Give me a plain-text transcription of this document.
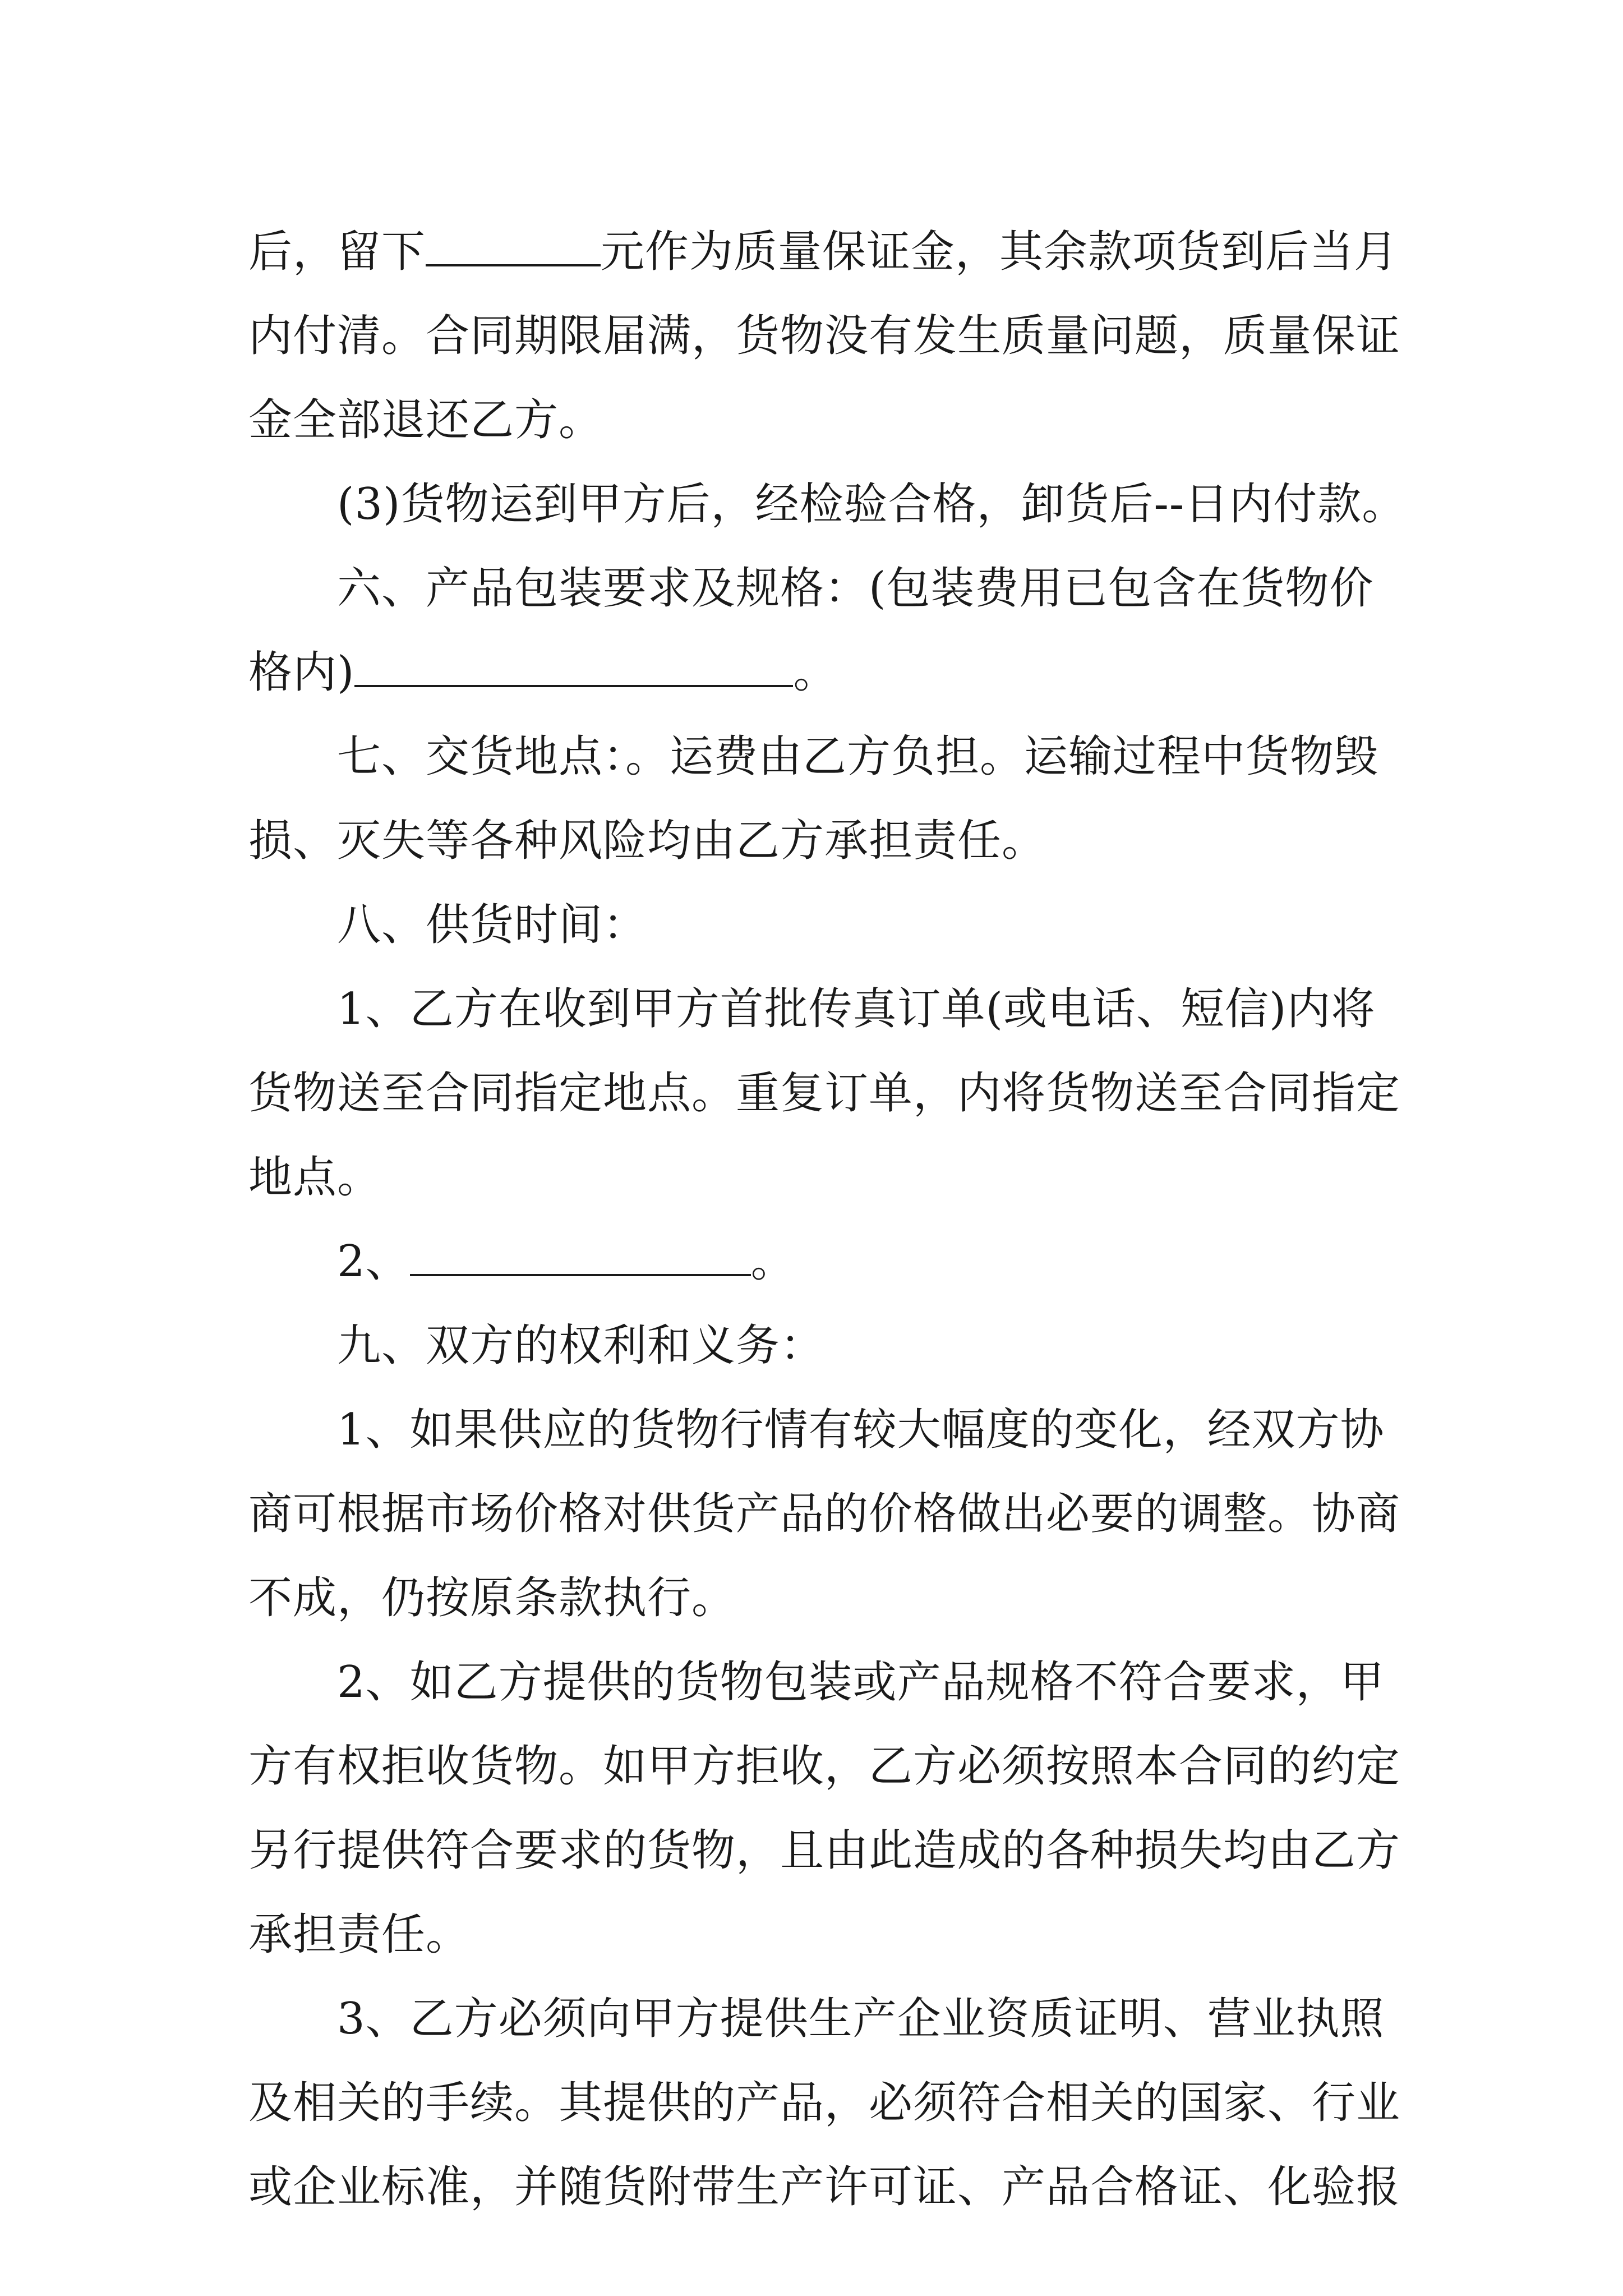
后，留下	元作为质量保证金，其余款项货到后当月
内付清。合同期限届满，货物没有发生质量问题，质量保证
金全部退还乙方。
(3)货物运到甲方后，经检验合格，卸货后--日内付款。
六、产品包装要求及规格：(包装费用已包含在货物价
格内)	。
七、交货地点：。运费由乙方负担。运输过程中货物毁
损、灭失等各种风险均由乙方承担责任。
八、供货时间：
1、乙方在收到甲方首批传真订单(或电话、短信)内将
货物送至合同指定地点。重复订单，内将货物送至合同指定
地点。
2、	。
九、双方的权利和义务：
1、如果供应的货物行情有较大幅度的变化，经双方协
商可根据市场价格对供货产品的价格做出必要的调整。协商
不成，仍按原条款执行。
2、如乙方提供的货物包装或产品规格不符合要求，甲
方有权拒收货物。如甲方拒收，乙方必须按照本合同的约定
另行提供符合要求的货物，且由此造成的各种损失均由乙方
承担责任。
3、乙方必须向甲方提供生产企业资质证明、营业执照
及相关的手续。其提供的产品，必须符合相关的国家、行业
或企业标准，并随货附带生产许可证、产品合格证、化验报
